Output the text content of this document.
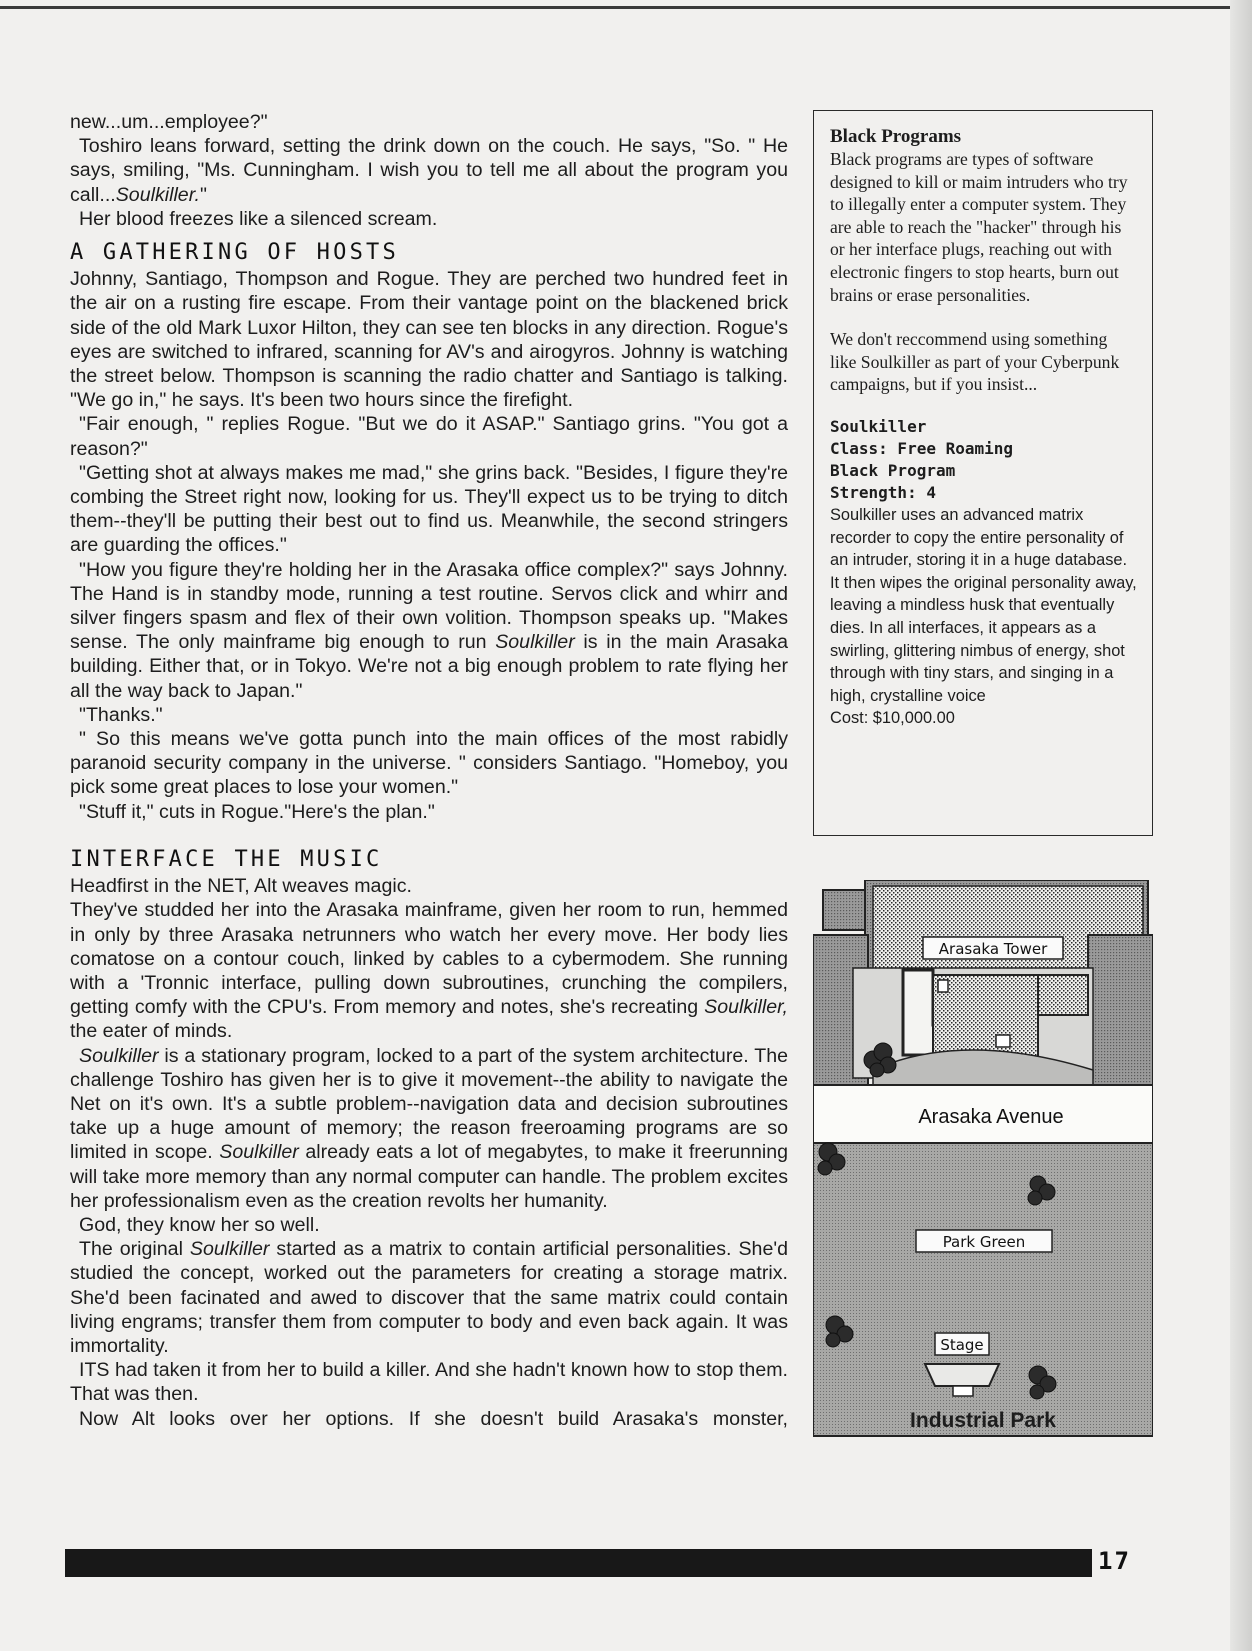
new...um...employee?"

Toshiro leans forward, setting the drink down on the couch. He says, "So. " He says, smiling, "Ms. Cunningham. I wish you to tell me all about the program you call...Soulkiller."

Her blood freezes like a silenced scream.

A GATHERING OF HOSTS

Johnny, Santiago, Thompson and Rogue. They are perched two hundred feet in the air on a rusting fire escape. From their vantage point on the blackened brick side of the old Mark Luxor Hilton, they can see ten blocks in any direction. Rogue's eyes are switched to infrared, scanning for AV's and airogyros. Johnny is watching the street below. Thompson is scanning the radio chatter and Santiago is talking. "We go in," he says. It's been two hours since the firefight.

"Fair enough, " replies Rogue. "But we do it ASAP." Santiago grins. "You got a reason?"

"Getting shot at always makes me mad," she grins back. "Besides, I figure they're combing the Street right now, looking for us. They'll expect us to be trying to ditch them--they'll be putting their best out to find us. Meanwhile, the second stringers are guarding the offices."

"How you figure they're holding her in the Arasaka office complex?" says Johnny. The Hand is in standby mode, running a test routine. Servos click and whirr and silver fingers spasm and flex of their own volition. Thompson speaks up. "Makes sense. The only mainframe big enough to run Soulkiller is in the main Arasaka building. Either that, or in Tokyo. We're not a big enough problem to rate flying her all the way back to Japan."

"Thanks."

" So this means we've gotta punch into the main offices of the most rabidly paranoid security company in the universe. " considers Santiago. "Homeboy, you pick some great places to lose your women."

"Stuff it," cuts in Rogue."Here's the plan."

INTERFACE THE MUSIC

Headfirst in the NET, Alt weaves magic.

They've studded her into the Arasaka mainframe, given her room to run, hemmed in only by three Arasaka netrunners who watch her every move. Her body lies comatose on a contour couch, linked by cables to a cybermodem. She running with a 'Tronnic interface, pulling down subroutines, crunching the compilers, getting comfy with the CPU's. From memory and notes, she's recreating Soulkiller, the eater of minds.

Soulkiller is a stationary program, locked to a part of the system architecture. The challenge Toshiro has given her is to give it movement--the ability to navigate the Net on it's own. It's a subtle problem--navigation data and decision subroutines take up a huge amount of memory; the reason freeroaming programs are so limited in scope. Soulkiller already eats a lot of megabytes, to make it freerunning will take more memory than any normal computer can handle. The problem excites her professionalism even as the creation revolts her humanity.

God, they know her so well.

The original Soulkiller started as a matrix to contain artificial personalities. She'd studied the concept, worked out the parameters for creating a storage matrix. She'd been facinated and awed to discover that the same matrix could contain living engrams; transfer them from computer to body and even back again. It was immortality.

ITS had taken it from her to build a killer. And she hadn't known how to stop them. That was then.

Now Alt looks over her options. If she doesn't build Arasaka's monster,

Black Programs

Black programs are types of software designed to kill or maim intruders who try to illegally enter a computer system. They are able to reach the "hacker" through his or her interface plugs, reaching out with electronic fingers to stop hearts, burn out brains or erase personalities.

We don't reccommend using something like Soulkiller as part of your Cyberpunk campaigns, but if you insist...

Soulkiller
Class: Free Roaming
Black Program
Strength: 4
Soulkiller uses an advanced matrix recorder to copy the entire personality of an intruder, storing it in a huge database. It then wipes the original personality away, leaving a mindless husk that eventually dies. In all interfaces, it appears as a swirling, glittering nimbus of energy, shot through with tiny stars, and singing in a high, crystalline voice
Cost: $10,000.00
Arasaka Tower
Arasaka Avenue
Park Green
Stage
Industrial Park
17
